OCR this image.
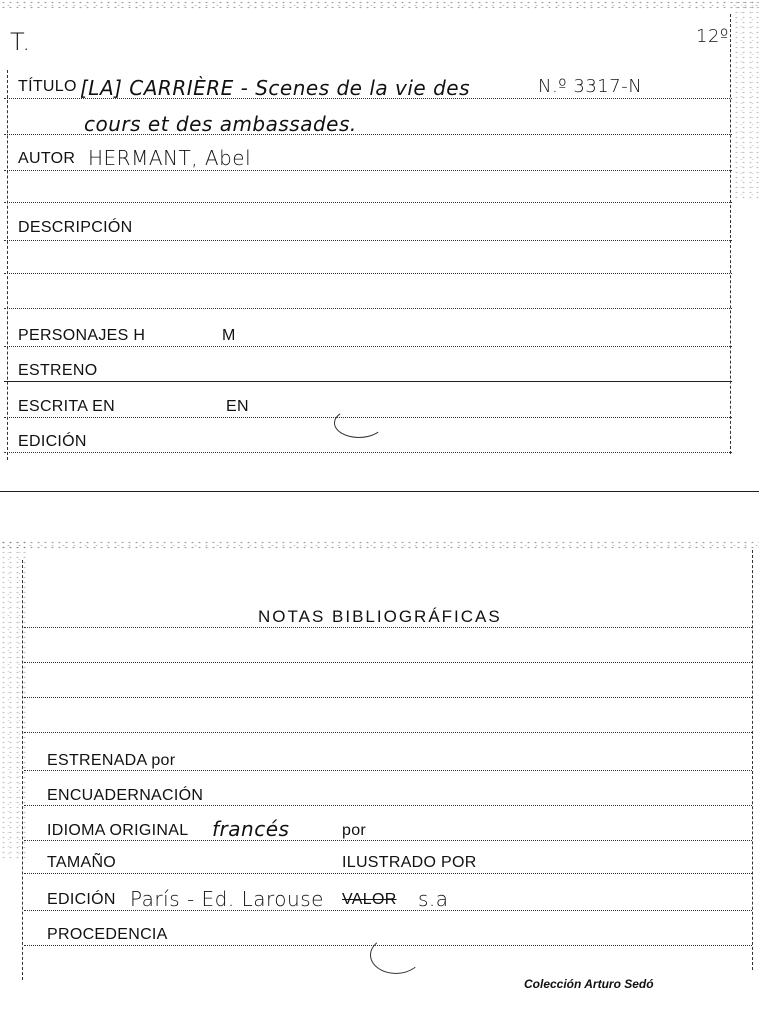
T.	12º
TÍTULO [LA] CARRIÈRE - Scenes de la vie des	N.º 3317-N
cours et des ambassades.
AUTOR HERMANT, Abel
DESCRIPCIÓN
PERSONAJES H	M
ESTRENO
ESCRITA EN	EN
EDICIÓN
NOTAS BIBLIOGRÁFICAS
ESTRENADA por
ENCUADERNACIÓN
IDIOMA ORIGINAL francés	por
TAMAÑO	ILUSTRADO POR
EDICIÓN París - Ed. Larouse VALOR s.a
PROCEDENCIA
Colección Arturo Sedó
